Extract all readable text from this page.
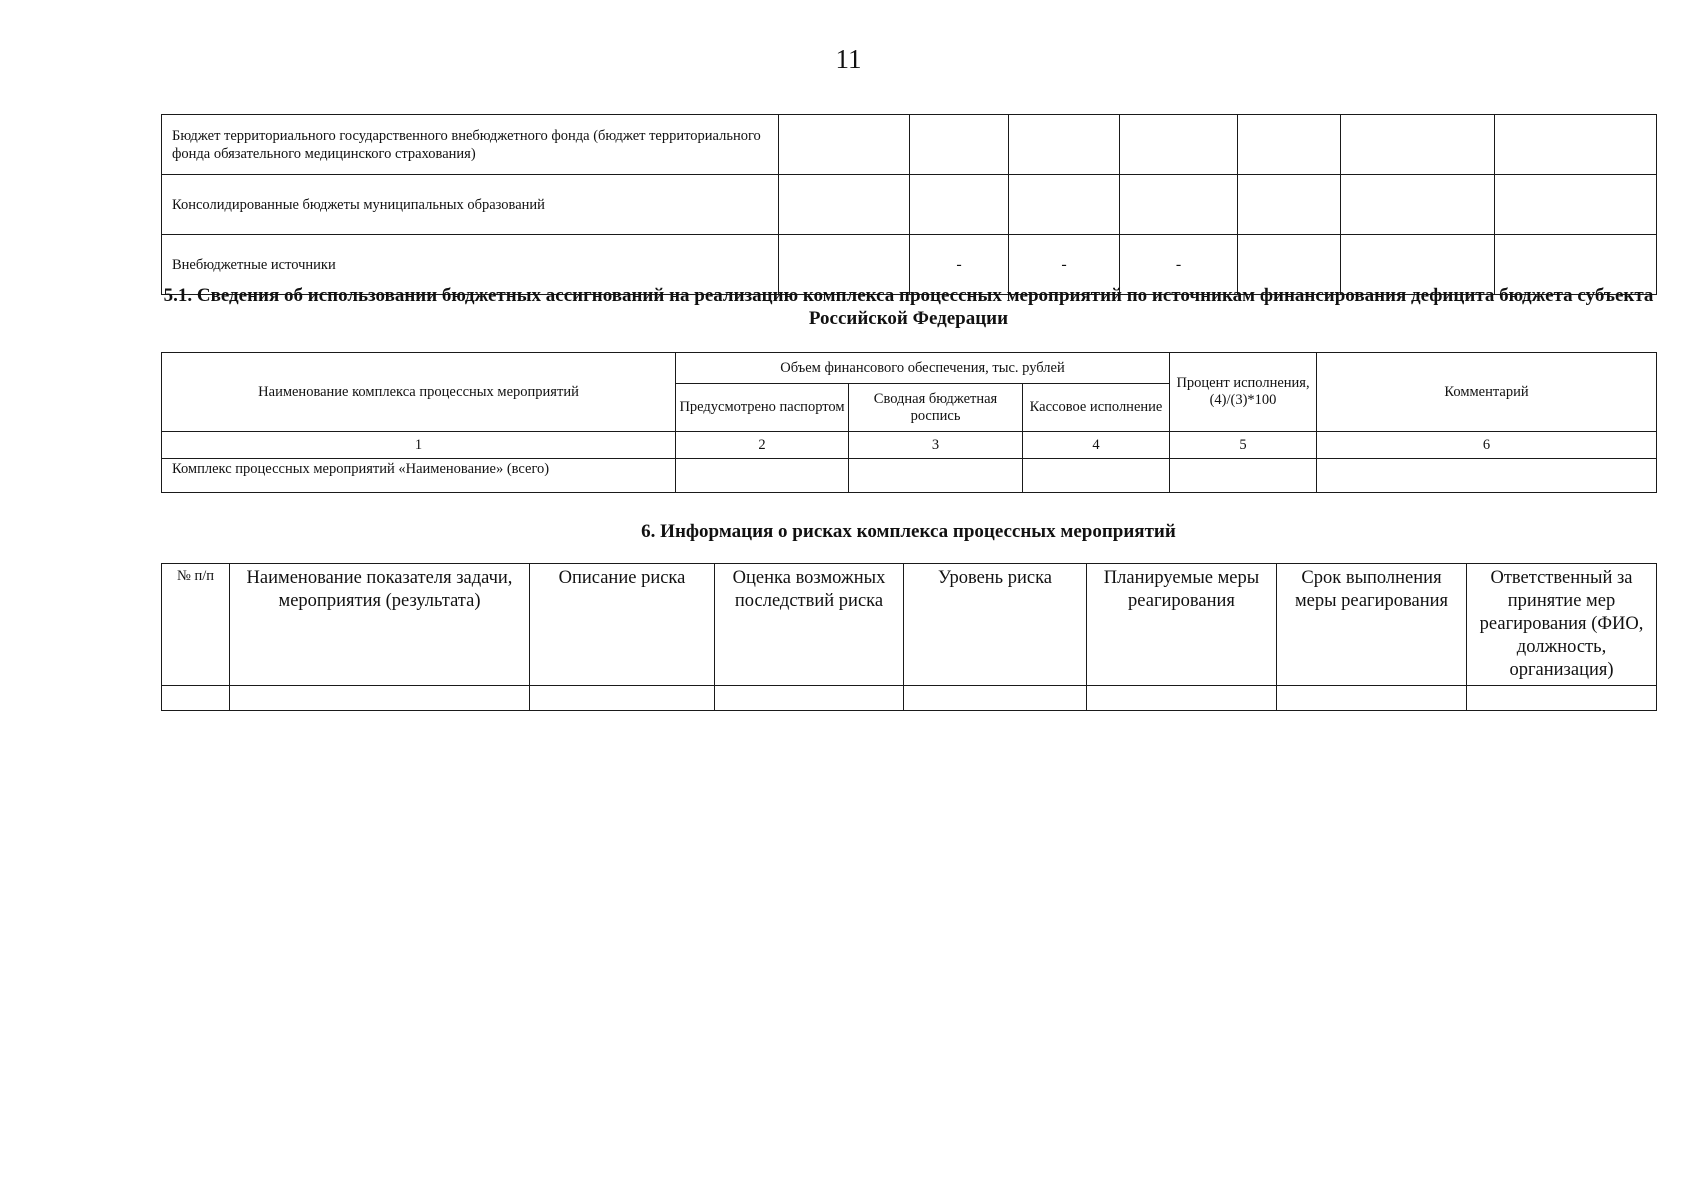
11
Бюджет территориального государственного внебюджетного фонда (бюджет территориального фонда обязательного медицинского страхования)							
Консолидированные бюджеты муниципальных образований							
Внебюджетные источники		-	-	-			
5.1. Сведения об использовании бюджетных ассигнований на реализацию комплекса процессных мероприятий по источникам финансирования дефицита бюджета субъекта Российской Федерации
Наименование комплекса процессных мероприятий	Объем финансового обеспечения, тыс. рублей			Процент исполнения, (4)/(3)*100	Комментарий
	Предусмотрено паспортом	Сводная бюджетная роспись	Кассовое исполнение		
1	2	3	4	5	6
Комплекс процессных мероприятий «Наименование» (всего)					
6. Информация о рисках комплекса процессных мероприятий
№ п/п	Наименование показателя задачи, мероприятия (результата)	Описание риска	Оценка возможных последствий риска	Уровень риска	Планируемые меры реагирования	Срок выполнения меры реагирования	Ответственный за принятие мер реагирования (ФИО, должность, организация)
